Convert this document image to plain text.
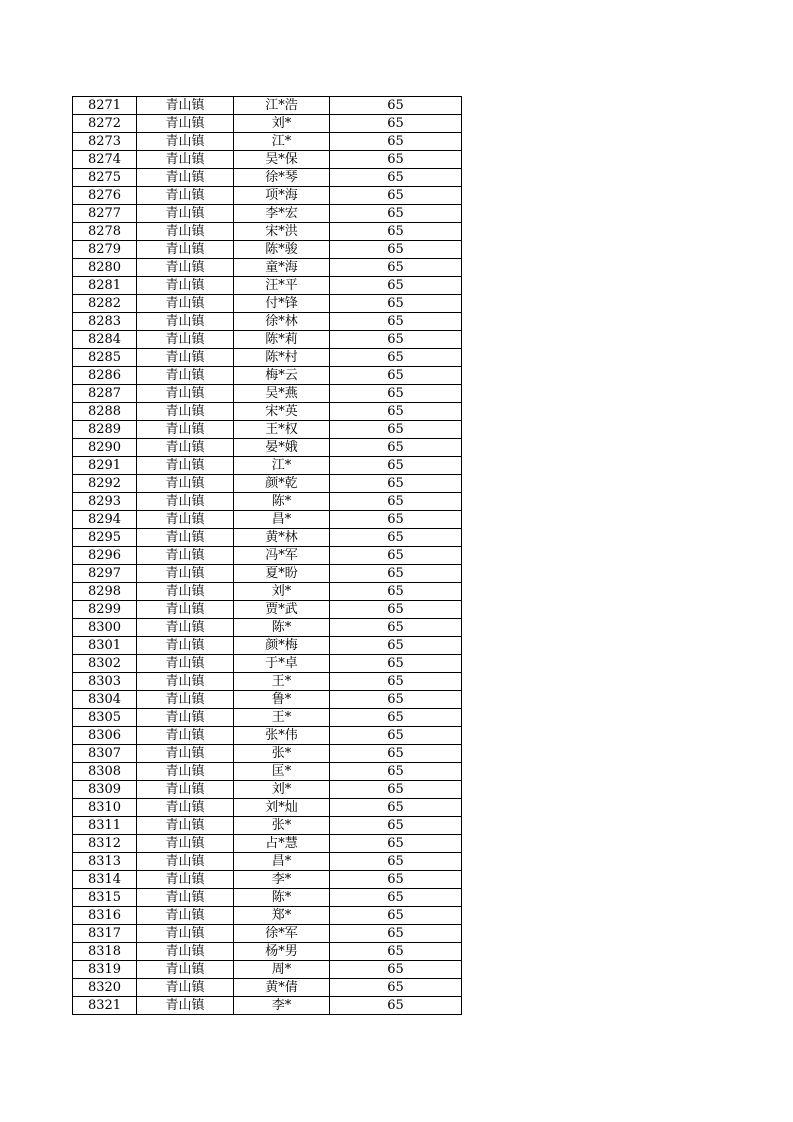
8271	青山镇	江*浩	65
8272	青山镇	刘*	65
8273	青山镇	江*	65
8274	青山镇	吴*保	65
8275	青山镇	徐*琴	65
8276	青山镇	项*海	65
8277	青山镇	李*宏	65
8278	青山镇	宋*洪	65
8279	青山镇	陈*骏	65
8280	青山镇	童*海	65
8281	青山镇	汪*平	65
8282	青山镇	付*锋	65
8283	青山镇	徐*林	65
8284	青山镇	陈*莉	65
8285	青山镇	陈*村	65
8286	青山镇	梅*云	65
8287	青山镇	吴*燕	65
8288	青山镇	宋*英	65
8289	青山镇	王*权	65
8290	青山镇	晏*娥	65
8291	青山镇	江*	65
8292	青山镇	颜*乾	65
8293	青山镇	陈*	65
8294	青山镇	昌*	65
8295	青山镇	黄*林	65
8296	青山镇	冯*军	65
8297	青山镇	夏*盼	65
8298	青山镇	刘*	65
8299	青山镇	贾*武	65
8300	青山镇	陈*	65
8301	青山镇	颜*梅	65
8302	青山镇	于*卓	65
8303	青山镇	王*	65
8304	青山镇	鲁*	65
8305	青山镇	王*	65
8306	青山镇	张*伟	65
8307	青山镇	张*	65
8308	青山镇	匡*	65
8309	青山镇	刘*	65
8310	青山镇	刘*灿	65
8311	青山镇	张*	65
8312	青山镇	占*慧	65
8313	青山镇	昌*	65
8314	青山镇	李*	65
8315	青山镇	陈*	65
8316	青山镇	郑*	65
8317	青山镇	徐*军	65
8318	青山镇	杨*男	65
8319	青山镇	周*	65
8320	青山镇	黄*倩	65
8321	青山镇	李*	65
